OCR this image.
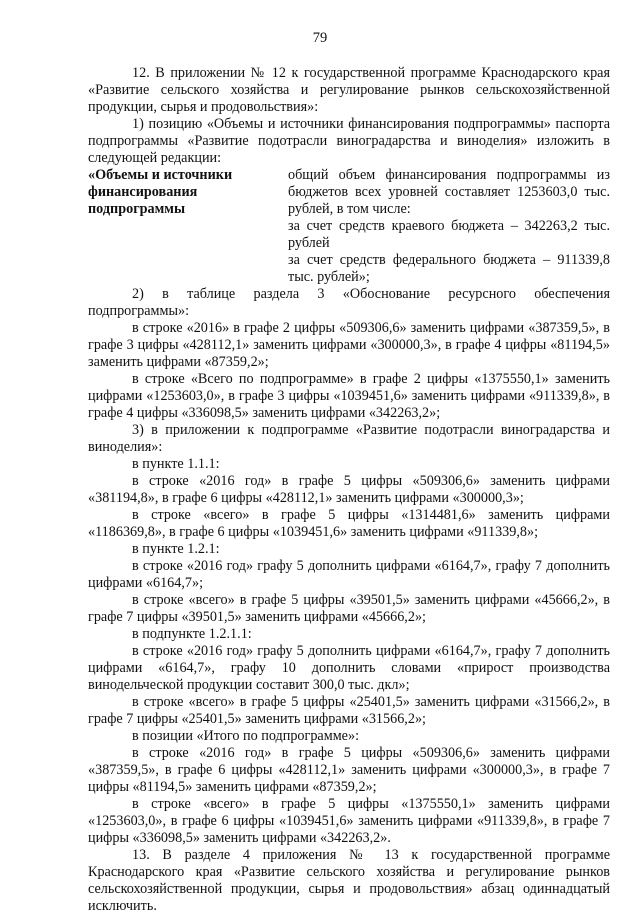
79

12. В приложении № 12 к государственной программе Краснодарского края «Развитие сельского хозяйства и регулирование рынков сельскохозяйственной продукции, сырья и продовольствия»:

1) позицию «Объемы и источники финансирования подпрограммы» паспорта подпрограммы «Развитие подотрасли виноградарства и виноделия» изложить в следующей редакции:

«Объемы и источники финансирования подпрограммы

общий объем финансирования подпрограммы из бюджетов всех уровней составляет 1253603,0 тыс. рублей, в том числе:

за счет средств краевого бюджета – 342263,2 тыс. рублей

за счет средств федерального бюджета – 911339,8 тыс. рублей»;

2) в таблице раздела 3 «Обоснование ресурсного обеспечения подпрограммы»:

в строке «2016» в графе 2 цифры «509306,6» заменить цифрами «387359,5», в графе 3 цифры «428112,1» заменить цифрами «300000,3», в графе 4 цифры «81194,5» заменить цифрами «87359,2»;

в строке «Всего по подпрограмме» в графе 2 цифры «1375550,1» заменить цифрами «1253603,0», в графе 3 цифры «1039451,6» заменить цифрами «911339,8», в графе 4 цифры «336098,5» заменить цифрами «342263,2»;

3) в приложении к подпрограмме «Развитие подотрасли виноградарства и виноделия»:

в пункте 1.1.1:

в строке «2016 год» в графе 5 цифры «509306,6» заменить цифрами «381194,8», в графе 6 цифры «428112,1» заменить цифрами «300000,3»;

в строке «всего» в графе 5 цифры «1314481,6» заменить цифрами «1186369,8», в графе 6 цифры «1039451,6» заменить цифрами «911339,8»;

в пункте 1.2.1:

в строке «2016 год» графу 5 дополнить цифрами «6164,7», графу 7 дополнить цифрами «6164,7»;

в строке «всего» в графе 5 цифры «39501,5» заменить цифрами «45666,2», в графе 7 цифры «39501,5» заменить цифрами «45666,2»;

в подпункте 1.2.1.1:

в строке «2016 год» графу 5 дополнить цифрами «6164,7», графу 7 дополнить цифрами «6164,7», графу 10 дополнить словами «прирост производства винодельческой продукции составит 300,0 тыс. дкл»;

в строке «всего» в графе 5 цифры «25401,5» заменить цифрами «31566,2», в графе 7 цифры «25401,5» заменить цифрами «31566,2»;

в позиции «Итого по подпрограмме»:

в строке «2016 год» в графе 5 цифры «509306,6» заменить цифрами «387359,5», в графе 6 цифры «428112,1» заменить цифрами «300000,3», в графе 7 цифры «81194,5» заменить цифрами «87359,2»;

в строке «всего» в графе 5 цифры «1375550,1» заменить цифрами «1253603,0», в графе 6 цифры «1039451,6» заменить цифрами «911339,8», в графе 7 цифры «336098,5» заменить цифрами «342263,2».

13. В разделе 4 приложения № 13 к государственной программе Краснодарского края «Развитие сельского хозяйства и регулирование рынков сельскохозяйственной продукции, сырья и продовольствия» абзац одиннадцатый исключить.
